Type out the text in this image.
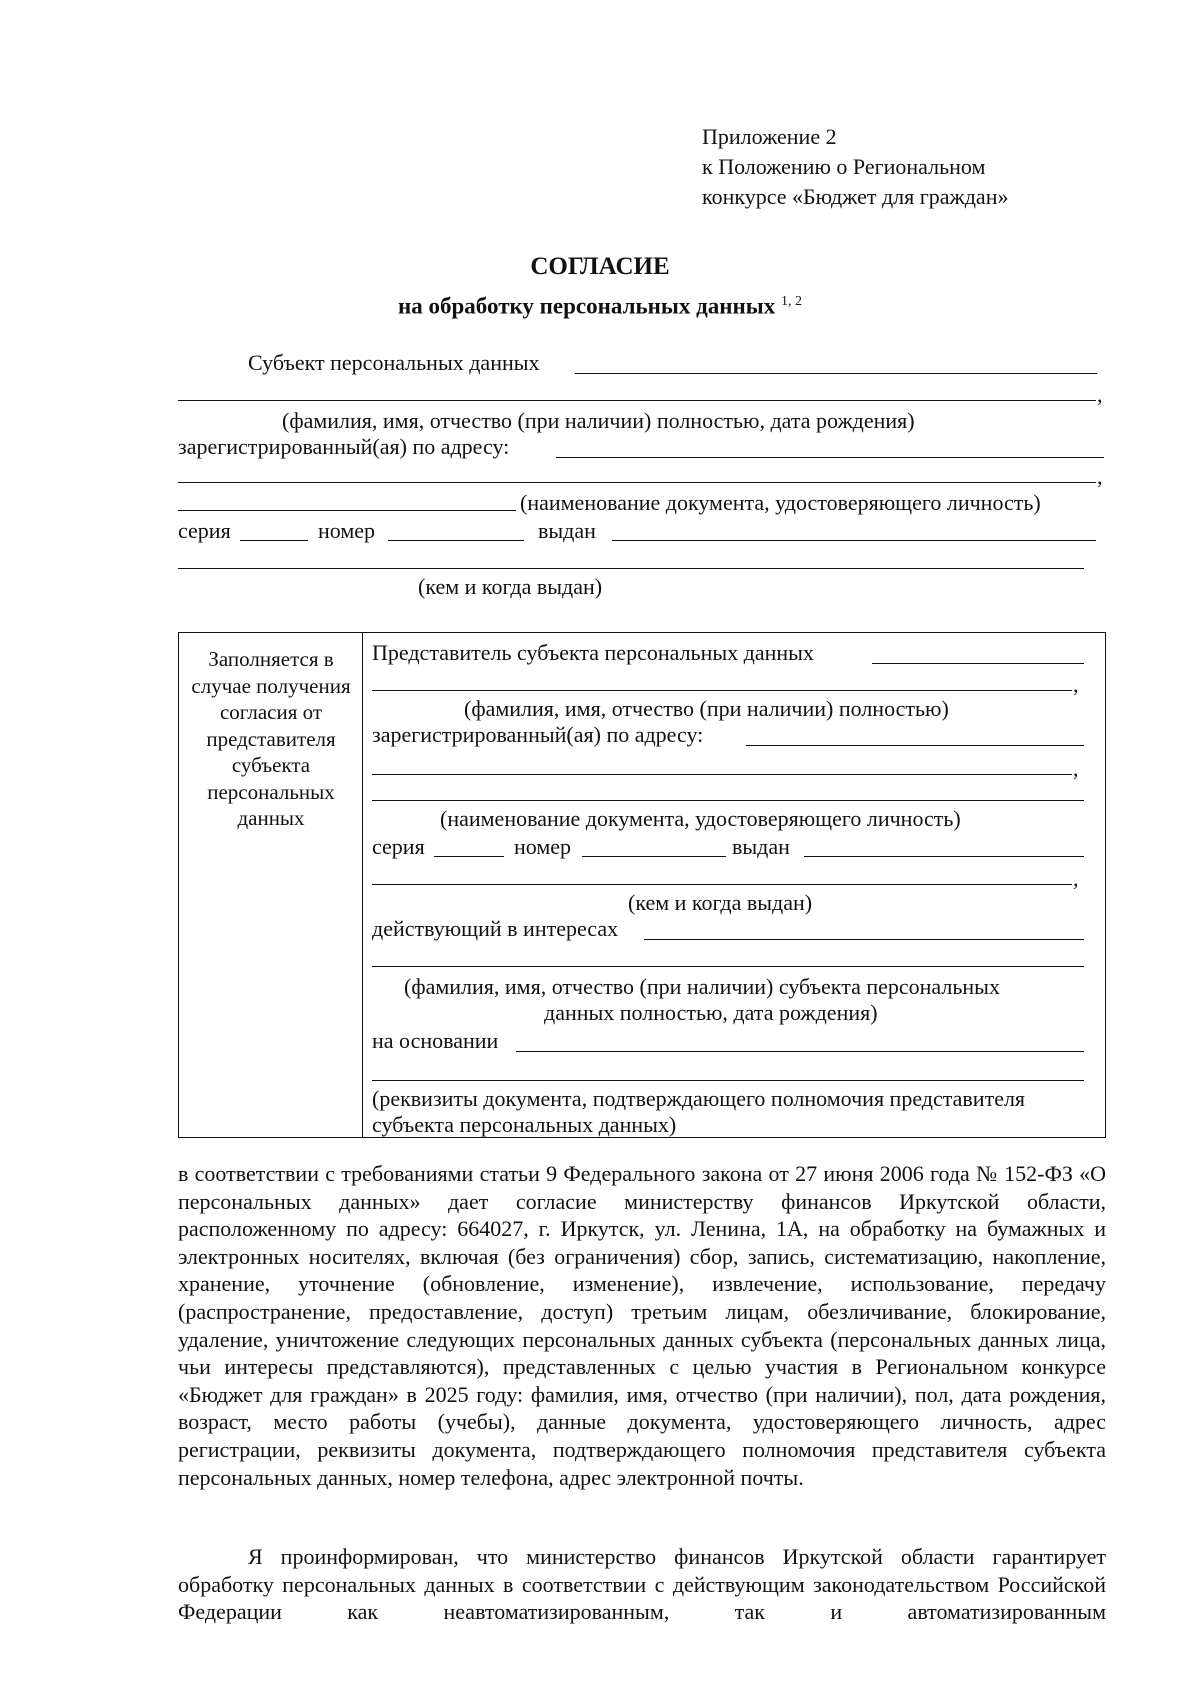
Приложение 2
к Положению о Региональном
конкурсе «Бюджет для граждан»
СОГЛАСИЕ
на обработку персональных данных $^{1, 2}$
Субъект персональных данных
,
(фамилия, имя, отчество (при наличии) полностью, дата рождения)
зарегистрированный(ая) по адресу:
,
(наименование документа, удостоверяющего личность)
серия	номер	выдан
(кем и когда выдан)
Заполняется в случае получения согласия от представителя субъекта персональных данных
Представитель субъекта персональных данных
,
(фамилия, имя, отчество (при наличии) полностью)
зарегистрированный(ая) по адресу:
,
(наименование документа, удостоверяющего личность)
серия	номер	выдан
,
(кем и когда выдан)
действующий в интересах
(фамилия, имя, отчество (при наличии) субъекта персональных
данных полностью, дата рождения)
на основании
(реквизиты документа, подтверждающего полномочия представителя
субъекта персональных данных)
в соответствии с требованиями статьи 9 Федерального закона от 27 июня 2006 года № 152-ФЗ «О персональных данных» дает согласие министерству финансов Иркутской области, расположенному по адресу: 664027, г. Иркутск, ул. Ленина, 1А, на обработку на бумажных и электронных носителях, включая (без ограничения) сбор, запись, систематизацию, накопление, хранение, уточнение (обновление, изменение), извлечение, использование, передачу (распространение, предоставление, доступ) третьим лицам, обезличивание, блокирование, удаление, уничтожение следующих персональных данных субъекта (персональных данных лица, чьи интересы представляются), представленных с целью участия в Региональном конкурсе «Бюджет для граждан» в 2025 году: фамилия, имя, отчество (при наличии), пол, дата рождения, возраст, место работы (учебы), данные документа, удостоверяющего личность, адрес регистрации, реквизиты документа, подтверждающего полномочия представителя субъекта персональных данных, номер телефона, адрес электронной почты.
Я проинформирован, что министерство финансов Иркутской области гарантирует обработку персональных данных в соответствии с действующим законодательством Российской Федерации как неавтоматизированным, так и автоматизированным
